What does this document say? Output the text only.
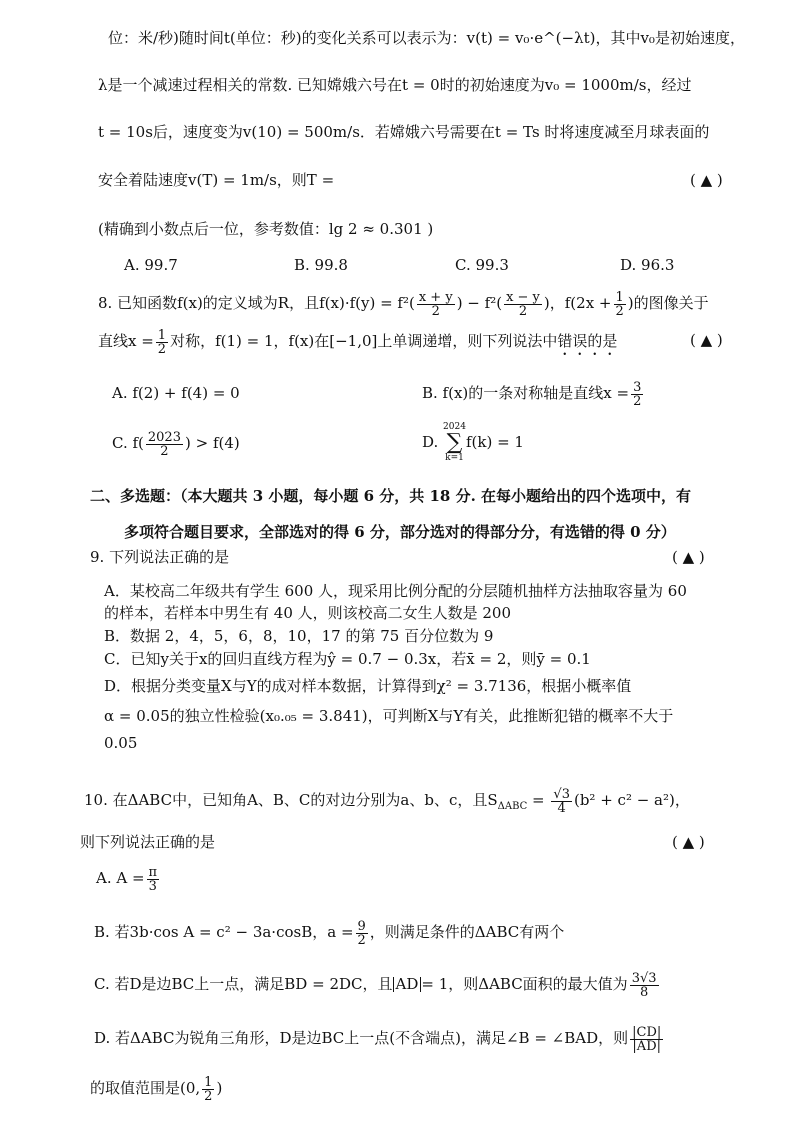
位：米/秒)随时间t(单位：秒)的变化关系可以表示为：v(t) = v₀·e^(−λt)，其中v₀是初始速度，
λ是一个减速过程相关的常数. 已知嫦娥六号在t = 0时的初始速度为v₀ = 1000m/s，经过
t = 10s后，速度变为v(10) = 500m/s．若嫦娥六号需要在t = Ts 时将速度减至月球表面的
安全着陆速度v(T) = 1m/s，则T =	( ▲ )
(精确到小数点后一位，参考数值：lg 2 ≈ 0.301 )
A. 99.7	B. 99.8	C. 99.3	D. 96.3
8. 已知函数f(x)的定义域为R，且$f(x)\cdot f(y) = f^2( \frac{x + y}{2}$ ) − $f^2( \frac{x - y}{2}$ )，$f(2x + \frac{1}{2}$ )的图像关于
直线$x = \frac{1}{2}$ 对称，f(1) = 1，f(x)在[−1,0]上单调递增，则下列说法中错误的是	( ▲ )
A. f(2) + f(4) = 0	B. f(x)的一条对称轴是直线$x = \frac{3}{2}$
C. $f( \frac{2023}{2}$ ) > f(4)	D.
2024
∑
k=1
f(k) = 1
二、多选题：（本大题共 3 小题，每小题 6 分，共 18 分. 在每小题给出的四个选项中，有
多项符合题目要求，全部选对的得 6 分，部分选对的得部分分，有选错的得 0 分）
9. 下列说法正确的是	( ▲ )
A．某校高二年级共有学生 600 人，现采用比例分配的分层随机抽样方法抽取容量为 60
的样本，若样本中男生有 40 人，则该校高二女生人数是 200
B．数据 2，4，5，6，8，10，17 的第 75 百分位数为 9
C．已知y关于x的回归直线方程为ŷ = 0.7 − 0.3x，若x̄ = 2，则ȳ = 0.1
D．根据分类变量X与Y的成对样本数据，计算得到χ² = 3.7136，根据小概率值
α = 0.05的独立性检验(x₀.₀₅ = 3.841)，可判断X与Y有关，此推断犯错的概率不大于
0.05
10. 在ΔABC中，已知角A、B、C的对边分别为a、b、c，且$S_{\Delta ABC} = \frac{√3}{4} (b^2 + c^2 - a^2)$，
则下列说法正确的是	( ▲ )
A. $A = \frac{\pi}{3}$
B. 若3b·cos A = c² − 3a·cosB，$a = \frac{9}{2}$ ，则满足条件的ΔABC有两个
C. 若D是边BC上一点，满足BD = 2DC，且 AD = 1，则ΔABC面积的最大值为 $\frac{3√3}{8}$
D. 若ΔABC为锐角三角形，D是边BC上一点(不含端点)，满足∠B = ∠BAD，则 $\frac{|CD|}{|AD|}$
的取值范围是(0, $\frac{1}{2}$ )
